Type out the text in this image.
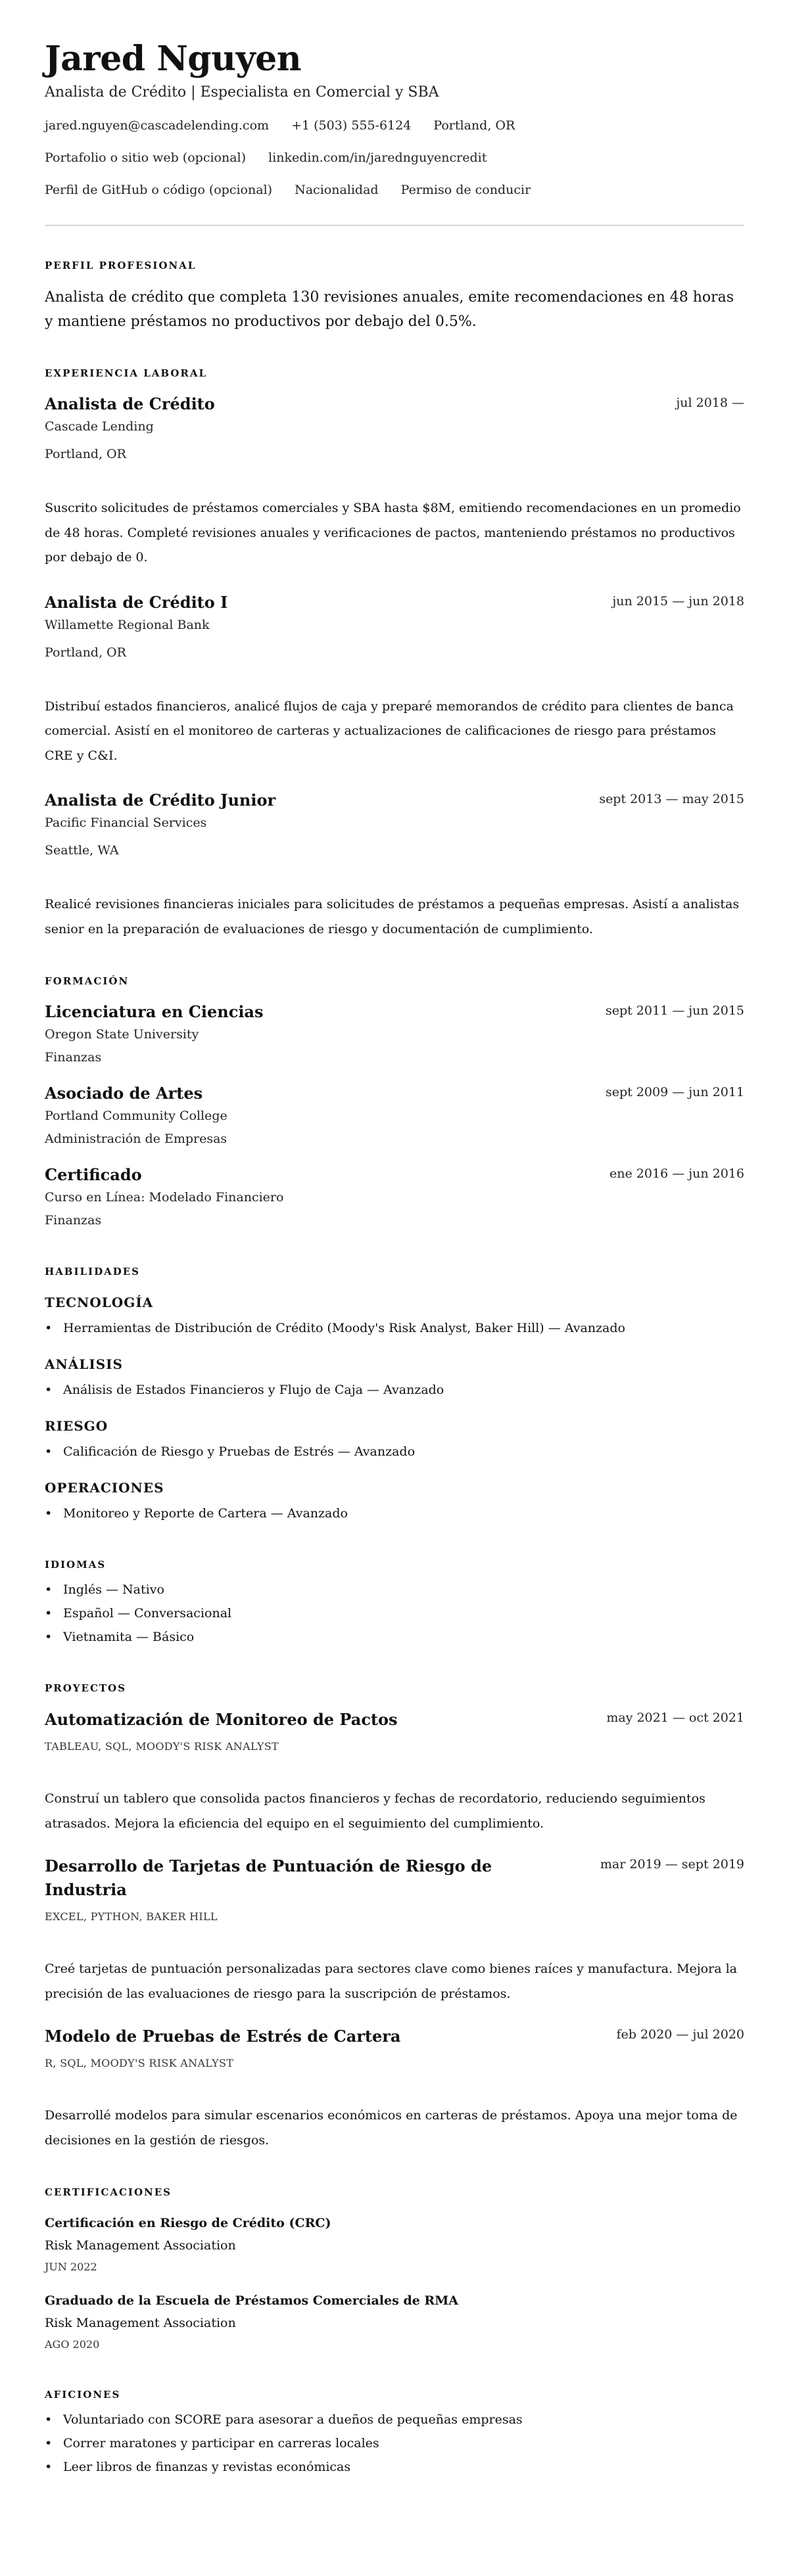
Jared Nguyen
Analista de Crédito | Especialista en Comercial y SBA
jared.nguyen@cascadelending.com +1 (503) 555-6124 Portland, OR
Portafolio o sitio web (opcional) linkedin.com/in/jarednguyencredit
Perfil de GitHub o código (opcional) Nacionalidad Permiso de conducir
PERFIL PROFESIONAL

Analista de crédito que completa 130 revisiones anuales, emite recomendaciones en 48 horas y mantiene préstamos no productivos por debajo del 0.5%.

EXPERIENCIA LABORAL
Analista de Crédito	jul 2018 —
Cascade Lending
Portland, OR

Suscrito solicitudes de préstamos comerciales y SBA hasta $8M, emitiendo recomendaciones en un promedio de 48 horas. Completé revisiones anuales y verificaciones de pactos, manteniendo préstamos no productivos por debajo de 0.

Analista de Crédito I	jun 2015 — jun 2018
Willamette Regional Bank
Portland, OR

Distribuí estados financieros, analicé flujos de caja y preparé memorandos de crédito para clientes de banca comercial. Asistí en el monitoreo de carteras y actualizaciones de calificaciones de riesgo para préstamos CRE y C&I.

Analista de Crédito Junior	sept 2013 — may 2015
Pacific Financial Services
Seattle, WA

Realicé revisiones financieras iniciales para solicitudes de préstamos a pequeñas empresas. Asistí a analistas senior en la preparación de evaluaciones de riesgo y documentación de cumplimiento.

FORMACIÓN
Licenciatura en Ciencias	sept 2011 — jun 2015
Oregon State University
Finanzas
Asociado de Artes	sept 2009 — jun 2011
Portland Community College
Administración de Empresas
Certificado	ene 2016 — jun 2016
Curso en Línea: Modelado Financiero
Finanzas
HABILIDADES
TECNOLOGÍA
• Herramientas de Distribución de Crédito (Moody's Risk Analyst, Baker Hill) — Avanzado
ANÁLISIS
• Análisis de Estados Financieros y Flujo de Caja — Avanzado
RIESGO
• Calificación de Riesgo y Pruebas de Estrés — Avanzado
OPERACIONES
• Monitoreo y Reporte de Cartera — Avanzado
IDIOMAS
• Inglés — Nativo
• Español — Conversacional
• Vietnamita — Básico
PROYECTOS
Automatización de Monitoreo de Pactos	may 2021 — oct 2021
TABLEAU, SQL, MOODY'S RISK ANALYST

Construí un tablero que consolida pactos financieros y fechas de recordatorio, reduciendo seguimientos atrasados. Mejora la eficiencia del equipo en el seguimiento del cumplimiento.

Desarrollo de Tarjetas de Puntuación de Riesgo de Industria
mar 2019 — sept 2019
EXCEL, PYTHON, BAKER HILL

Creé tarjetas de puntuación personalizadas para sectores clave como bienes raíces y manufactura. Mejora la precisión de las evaluaciones de riesgo para la suscripción de préstamos.

Modelo de Pruebas de Estrés de Cartera	feb 2020 — jul 2020
R, SQL, MOODY'S RISK ANALYST

Desarrollé modelos para simular escenarios económicos en carteras de préstamos. Apoya una mejor toma de decisiones en la gestión de riesgos.

CERTIFICACIONES
Certificación en Riesgo de Crédito (CRC)
Risk Management Association
JUN 2022
Graduado de la Escuela de Préstamos Comerciales de RMA
Risk Management Association
AGO 2020
AFICIONES
• Voluntariado con SCORE para asesorar a dueños de pequeñas empresas
• Correr maratones y participar en carreras locales
• Leer libros de finanzas y revistas económicas
